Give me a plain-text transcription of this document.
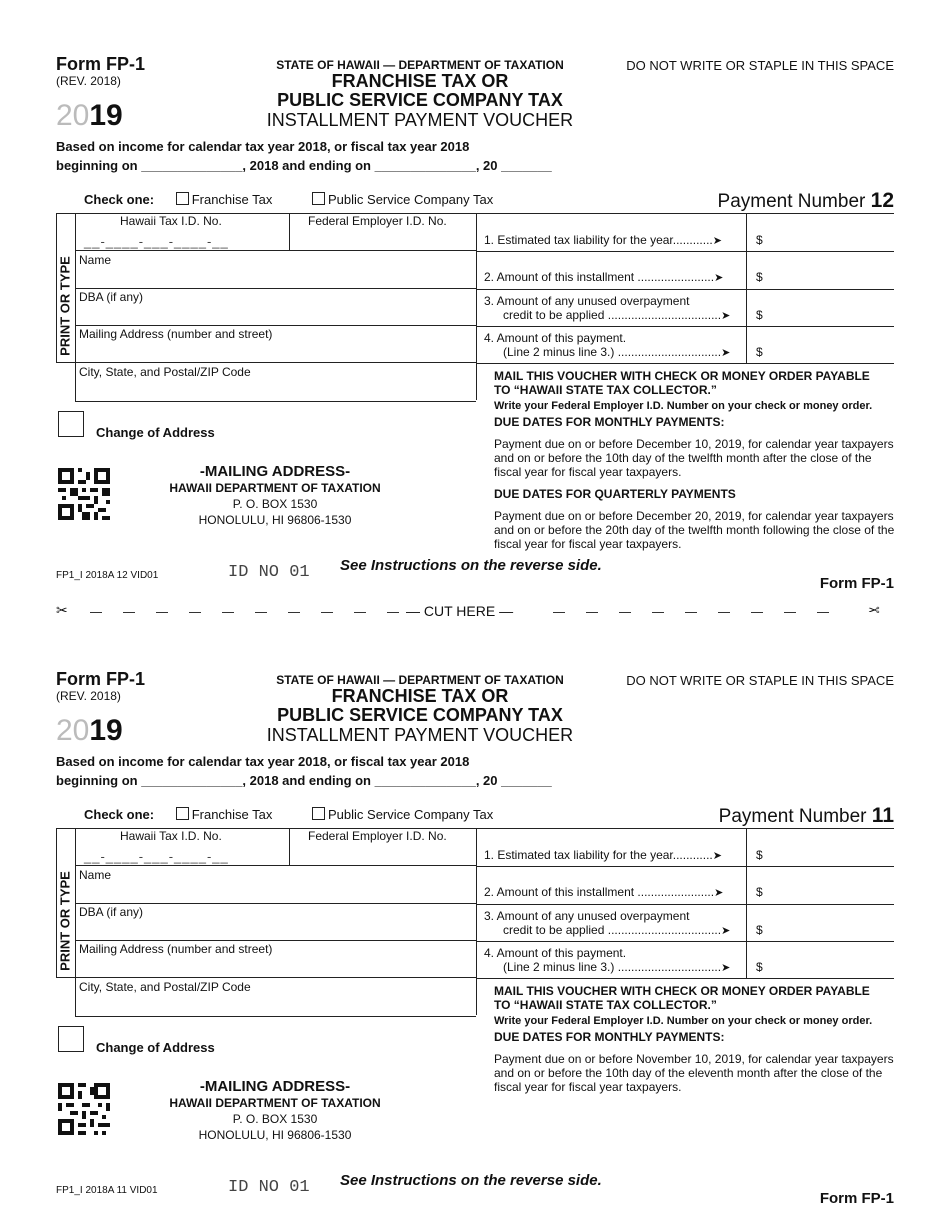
Form FP-1
(REV. 2018)
2019
STATE OF HAWAII — DEPARTMENT OF TAXATION
FRANCHISE TAX OR
PUBLIC SERVICE COMPANY TAX
INSTALLMENT PAYMENT VOUCHER
DO NOT WRITE OR STAPLE IN THIS SPACE
Based on income for calendar tax year 2018, or fiscal tax year 2018
beginning on ______________, 2018 and ending on ______________, 20 _______
Check one:	Franchise Tax	Public Service Company Tax	Payment Number 12
Hawaii Tax I.D. No.	Federal Employer I.D. No.
__-____-___-____-__
Name
DBA (if any)
Mailing Address (number and street)
City, State, and Postal/ZIP Code
PRINT OR TYPE
1. Estimated tax liability for the year............➤	$
2. Amount of this installment .......................➤	$
3. Amount of any unused overpayment
credit to be applied ..................................➤ $
4. Amount of this payment.
(Line 2 minus line 3.) ...............................➤ $
MAIL THIS VOUCHER WITH CHECK OR MONEY ORDER PAYABLE
TO “HAWAII STATE TAX COLLECTOR.”
Write your Federal Employer I.D. Number on your check or money order.
DUE DATES FOR MONTHLY PAYMENTS:
Payment due on or before December 10, 2019, for calendar year taxpayers and on or before the 10th day of the twelfth month after the close of the fiscal year for fiscal year taxpayers.
DUE DATES FOR QUARTERLY PAYMENTS
Payment due on or before December 20, 2019, for calendar year taxpayers and on or before the 20th day of the twelfth month following the close of the fiscal year for fiscal year taxpayers.
Change of Address
-MAILING ADDRESS-
HAWAII DEPARTMENT OF TAXATION
P. O. BOX 1530
HONOLULU, HI 96806-1530
FP1_I 2018A 12 VID01	ID NO 01 See Instructions on the reverse side.
Form FP-1
✂	— CUT HERE —	✂
Form FP-1
(REV. 2018)
2019
STATE OF HAWAII — DEPARTMENT OF TAXATION
FRANCHISE TAX OR
PUBLIC SERVICE COMPANY TAX
INSTALLMENT PAYMENT VOUCHER
DO NOT WRITE OR STAPLE IN THIS SPACE
Based on income for calendar tax year 2018, or fiscal tax year 2018
beginning on ______________, 2018 and ending on ______________, 20 _______
Check one:	Franchise Tax	Public Service Company Tax	Payment Number 11
Hawaii Tax I.D. No.	Federal Employer I.D. No.
__-____-___-____-__
Name
DBA (if any)
Mailing Address (number and street)
City, State, and Postal/ZIP Code
PRINT OR TYPE
1. Estimated tax liability for the year............➤	$
2. Amount of this installment .......................➤	$
3. Amount of any unused overpayment
credit to be applied ..................................➤ $
4. Amount of this payment.
(Line 2 minus line 3.) ...............................➤ $
MAIL THIS VOUCHER WITH CHECK OR MONEY ORDER PAYABLE
TO “HAWAII STATE TAX COLLECTOR.”
Write your Federal Employer I.D. Number on your check or money order.
DUE DATES FOR MONTHLY PAYMENTS:
Payment due on or before November 10, 2019, for calendar year taxpayers and on or before the 10th day of the eleventh month after the close of the fiscal year for fiscal year taxpayers.
Change of Address
-MAILING ADDRESS-
HAWAII DEPARTMENT OF TAXATION
P. O. BOX 1530
HONOLULU, HI 96806-1530
FP1_I 2018A 11 VID01	ID NO 01 See Instructions on the reverse side.
Form FP-1
